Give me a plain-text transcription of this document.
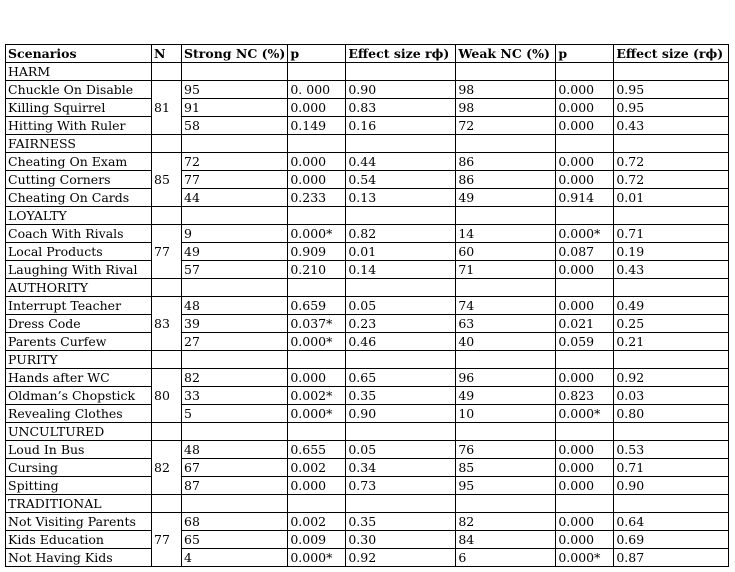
Scenarios	N	Strong NC (%)	p	Effect size rϕ)	Weak NC (%)	p	Effect size (rϕ)
HARM							
Chuckle On Disable	81	95	0. 000	0.90	98	0.000	0.95
Killing Squirrel		91	0.000	0.83	98	0.000	0.95
Hitting With Ruler		58	0.149	0.16	72	0.000	0.43
FAIRNESS							
Cheating On Exam	85	72	0.000	0.44	86	0.000	0.72
Cutting Corners		77	0.000	0.54	86	0.000	0.72
Cheating On Cards		44	0.233	0.13	49	0.914	0.01
LOYALTY							
Coach With Rivals	77	9	0.000*	0.82	14	0.000*	0.71
Local Products		49	0.909	0.01	60	0.087	0.19
Laughing With Rival		57	0.210	0.14	71	0.000	0.43
AUTHORITY							
Interrupt Teacher	83	48	0.659	0.05	74	0.000	0.49
Dress Code		39	0.037*	0.23	63	0.021	0.25
Parents Curfew		27	0.000*	0.46	40	0.059	0.21
PURITY							
Hands after WC	80	82	0.000	0.65	96	0.000	0.92
Oldman’s Chopstick		33	0.002*	0.35	49	0.823	0.03
Revealing Clothes		5	0.000*	0.90	10	0.000*	0.80
UNCULTURED							
Loud In Bus	82	48	0.655	0.05	76	0.000	0.53
Cursing		67	0.002	0.34	85	0.000	0.71
Spitting		87	0.000	0.73	95	0.000	0.90
TRADITIONAL							
Not Visiting Parents	77	68	0.002	0.35	82	0.000	0.64
Kids Education		65	0.009	0.30	84	0.000	0.69
Not Having Kids		4	0.000*	0.92	6	0.000*	0.87
